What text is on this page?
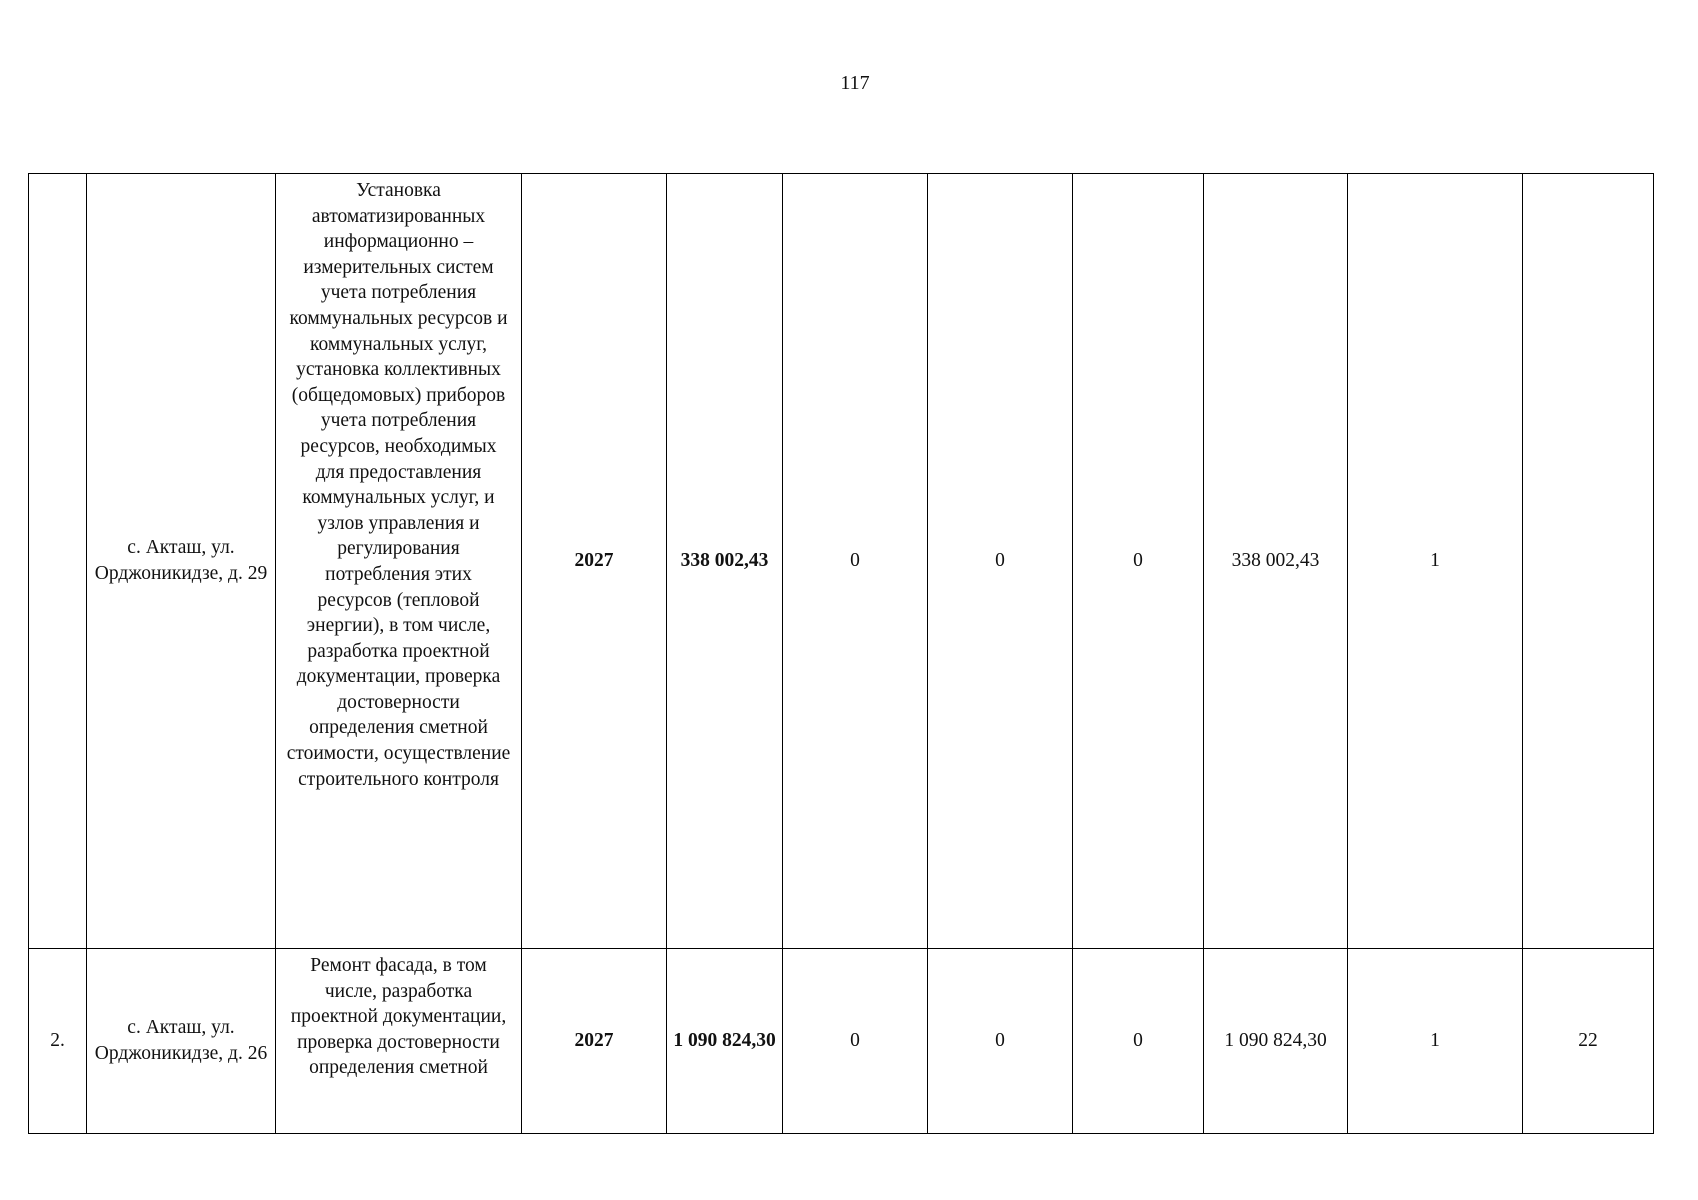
117
	с. Акташ, ул. Орджоникидзе, д. 29	Установка автоматизированных информационно – измерительных систем учета потребления коммунальных ресурсов и коммунальных услуг, установка коллективных (общедомовых) приборов учета потребления ресурсов, необходимых для предоставления коммунальных услуг, и узлов управления и регулирования потребления этих ресурсов (тепловой энергии), в том числе, разработка проектной документации, проверка достоверности определения сметной стоимости, осуществление строительного контроля	2027	338 002,43	0	0	0	338 002,43	1	
2.	с. Акташ, ул. Орджоникидзе, д. 26	Ремонт фасада, в том числе, разработка проектной документации, проверка достоверности определения сметной	2027	1 090 824,30	0	0	0	1 090 824,30	1	22
